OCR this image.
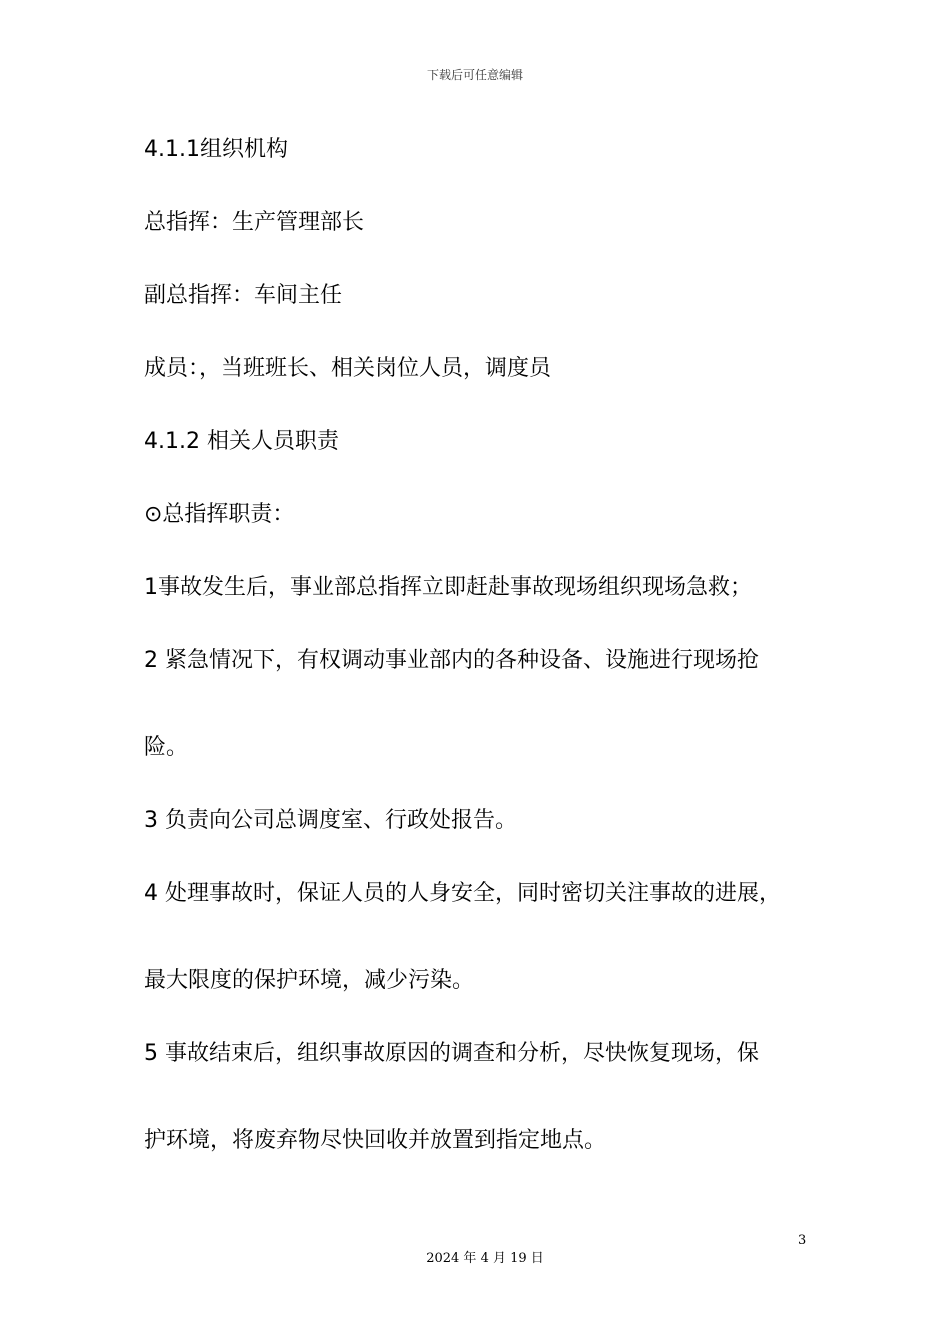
下载后可任意编辑
4.1.1组织机构
总指挥：生产管理部长
副总指挥：车间主任
成员：，当班班长、相关岗位人员，调度员
4.1.2 相关人员职责
⊙总指挥职责：
1事故发生后，事业部总指挥立即赶赴事故现场组织现场急救；
2 紧急情况下，有权调动事业部内的各种设备、设施进行现场抢
险。
3 负责向公司总调度室、行政处报告。
4 处理事故时，保证人员的人身安全，同时密切关注事故的进展，
最大限度的保护环境，减少污染。
5 事故结束后，组织事故原因的调查和分析，尽快恢复现场，保
护环境，将废弃物尽快回收并放置到指定地点。
3
2024 年 4 月 19 日
